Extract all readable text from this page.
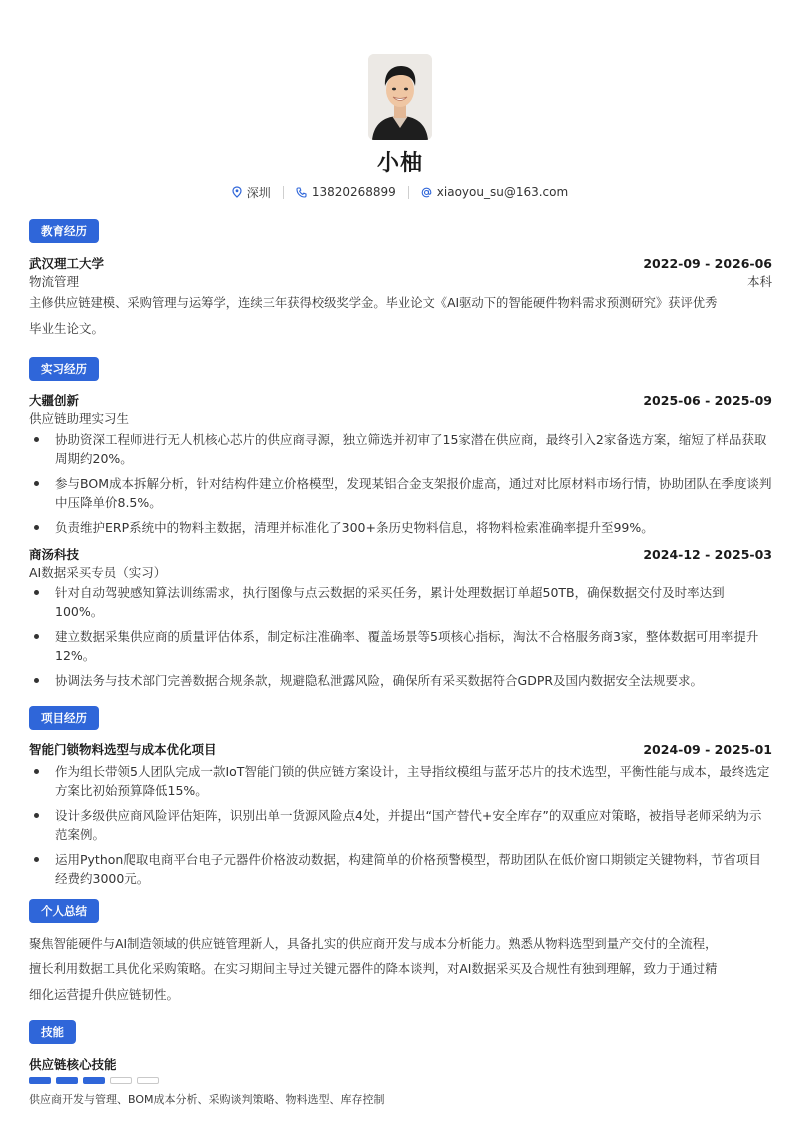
小柚
深圳	13820268899	xiaoyou_su@163.com
教育经历
武汉理工大学	2022-09 - 2026-06
物流管理	本科
主修供应链建模、采购管理与运筹学，连续三年获得校级奖学金。毕业论文《AI驱动下的智能硬件物料需求预测研究》获评优秀
毕业生论文。
实习经历
大疆创新	2025-06 - 2025-09
供应链助理实习生
协助资深工程师进行无人机核心芯片的供应商寻源，独立筛选并初审了15家潜在供应商，最终引入2家备选方案，缩短了样品获取周期约20%。
参与BOM成本拆解分析，针对结构件建立价格模型，发现某铝合金支架报价虚高，通过对比原材料市场行情，协助团队在季度谈判中压降单价8.5%。
负责维护ERP系统中的物料主数据，清理并标准化了300+条历史物料信息，将物料检索准确率提升至99%。
商汤科技	2024-12 - 2025-03
AI数据采买专员（实习）
针对自动驾驶感知算法训练需求，执行图像与点云数据的采买任务，累计处理数据订单超50TB，确保数据交付及时率达到100%。
建立数据采集供应商的质量评估体系，制定标注准确率、覆盖场景等5项核心指标，淘汰不合格服务商3家，整体数据可用率提升12%。
协调法务与技术部门完善数据合规条款，规避隐私泄露风险，确保所有采买数据符合GDPR及国内数据安全法规要求。
项目经历
智能门锁物料选型与成本优化项目	2024-09 - 2025-01
作为组长带领5人团队完成一款IoT智能门锁的供应链方案设计，主导指纹模组与蓝牙芯片的技术选型，平衡性能与成本，最终选定方案比初始预算降低15%。
设计多级供应商风险评估矩阵，识别出单一货源风险点4处，并提出“国产替代+安全库存”的双重应对策略，被指导老师采纳为示范案例。
运用Python爬取电商平台电子元器件价格波动数据，构建简单的价格预警模型，帮助团队在低价窗口期锁定关键物料，节省项目经费约3000元。
个人总结
聚焦智能硬件与AI制造领域的供应链管理新人，具备扎实的供应商开发与成本分析能力。熟悉从物料选型到量产交付的全流程，
擅长利用数据工具优化采购策略。在实习期间主导过关键元器件的降本谈判，对AI数据采买及合规性有独到理解，致力于通过精
细化运营提升供应链韧性。
技能
供应链核心技能
供应商开发与管理、BOM成本分析、采购谈判策略、物料选型、库存控制
